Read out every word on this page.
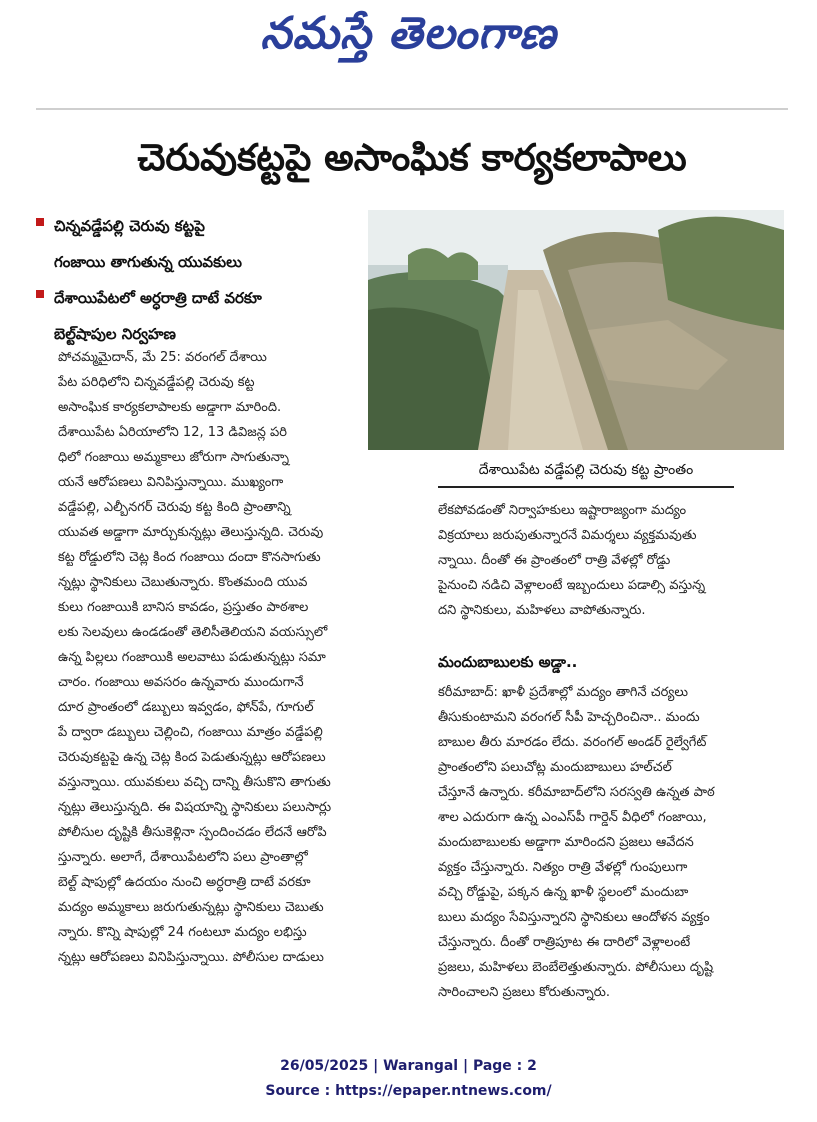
నమస్తే తెలంగాణ
చెరువుకట్టపై అసాంఘిక కార్యకలాపాలు
చిన్నవడ్డేపల్లి చెరువు కట్టపై
గంజాయి తాగుతున్న యువకులు
దేశాయిపేటలో అర్ధరాత్రి దాటే వరకూ
బెల్ట్‌షాపుల నిర్వహణ
దేశాయిపేట వడ్డేపల్లి చెరువు కట్ట ప్రాంతం
పోచమ్మమైదాన్, మే 25: వరంగల్ దేశాయి
పేట పరిధిలోని చిన్నవడ్డేపల్లి చెరువు కట్ట
అసాంఘిక కార్యకలాపాలకు అడ్డాగా మారింది.
దేశాయిపేట ఏరియాలోని 12, 13 డివిజన్ల పరి
ధిలో గంజాయి అమ్మకాలు జోరుగా సాగుతున్నా
యనే ఆరోపణలు వినిపిస్తున్నాయి. ముఖ్యంగా
వడ్డేపల్లి, ఎల్బీనగర్ చెరువు కట్ట కింది ప్రాంతాన్ని
యువత అడ్డాగా మార్చుకున్నట్లు తెలుస్తున్నది. చెరువు
కట్ట రోడ్డులోని చెట్ల కింద గంజాయి దందా కొనసాగుతు
న్నట్లు స్థానికులు చెబుతున్నారు. కొంతమంది యువ
కులు గంజాయికి బానిస కావడం, ప్రస్తుతం పాఠశాల
లకు సెలవులు ఉండడంతో తెలిసీతెలియని వయస్సులో
ఉన్న పిల్లలు గంజాయికి అలవాటు పడుతున్నట్లు సమా
చారం. గంజాయి అవసరం ఉన్నవారు ముందుగానే
దూర ప్రాంతంలో డబ్బులు ఇవ్వడం, ఫోన్‌పే, గూగుల్
పే ద్వారా డబ్బులు చెల్లించి, గంజాయి మాత్రం వడ్డేపల్లి
చెరువుకట్టపై ఉన్న చెట్ల కింద పెడుతున్నట్లు ఆరోపణలు
వస్తున్నాయి. యువకులు వచ్చి దాన్ని తీసుకొని తాగుతు
న్నట్లు తెలుస్తున్నది. ఈ విషయాన్ని స్థానికులు పలుసార్లు
పోలీసుల దృష్టికి తీసుకెళ్లినా స్పందించడం లేదనే ఆరోపి
స్తున్నారు. అలాగే, దేశాయిపేటలోని పలు ప్రాంతాల్లో
బెల్ట్ షాపుల్లో ఉదయం నుంచి అర్ధరాత్రి దాటే వరకూ
మద్యం అమ్మకాలు జరుగుతున్నట్లు స్థానికులు చెబుతు
న్నారు. కొన్ని షాపుల్లో 24 గంటలూ మద్యం లభిస్తు
న్నట్లు ఆరోపణలు వినిపిస్తున్నాయి. పోలీసుల దాడులు
లేకపోవడంతో నిర్వాహకులు ఇష్టారాజ్యంగా మద్యం
విక్రయాలు జరుపుతున్నారనే విమర్శలు వ్యక్తమవుతు
న్నాయి. దీంతో ఈ ప్రాంతంలో రాత్రి వేళల్లో రోడ్డు
పైనుంచి నడిచి వెళ్లాలంటే ఇబ్బందులు పడాల్సి వస్తున్న
దని స్థానికులు, మహిళలు వాపోతున్నారు.
మందుబాబులకు అడ్డా..
కరీమాబాద్: ఖాళీ ప్రదేశాల్లో మద్యం తాగినే చర్యలు
తీసుకుంటామని వరంగల్ సీపీ హెచ్చరించినా.. మందు
బాబుల తీరు మారడం లేదు. వరంగల్ అండర్ రైల్వేగేట్
ప్రాంతంలోని పలుచోట్ల మందుబాబులు హల్‌చల్
చేస్తూనే ఉన్నారు. కరీమాబాద్‌లోని సరస్వతి ఉన్నత పాఠ
శాల ఎదురుగా ఉన్న ఎంఎస్‌పీ గార్డెన్ వీధిలో గంజాయి,
మందుబాబులకు అడ్డాగా మారిందని ప్రజలు ఆవేదన
వ్యక్తం చేస్తున్నారు. నిత్యం రాత్రి వేళల్లో గుంపులుగా
వచ్చి రోడ్డుపై, పక్కన ఉన్న ఖాళీ స్థలంలో మందుబా
బులు మద్యం సేవిస్తున్నారని స్థానికులు ఆందోళన వ్యక్తం
చేస్తున్నారు. దీంతో రాత్రిపూట ఈ దారిలో వెళ్లాలంటే
ప్రజలు, మహిళలు బెంబేలెత్తుతున్నారు. పోలీసులు దృష్టి
సారించాలని ప్రజలు కోరుతున్నారు.
26/05/2025 | Warangal | Page : 2
Source : https://epaper.ntnews.com/
